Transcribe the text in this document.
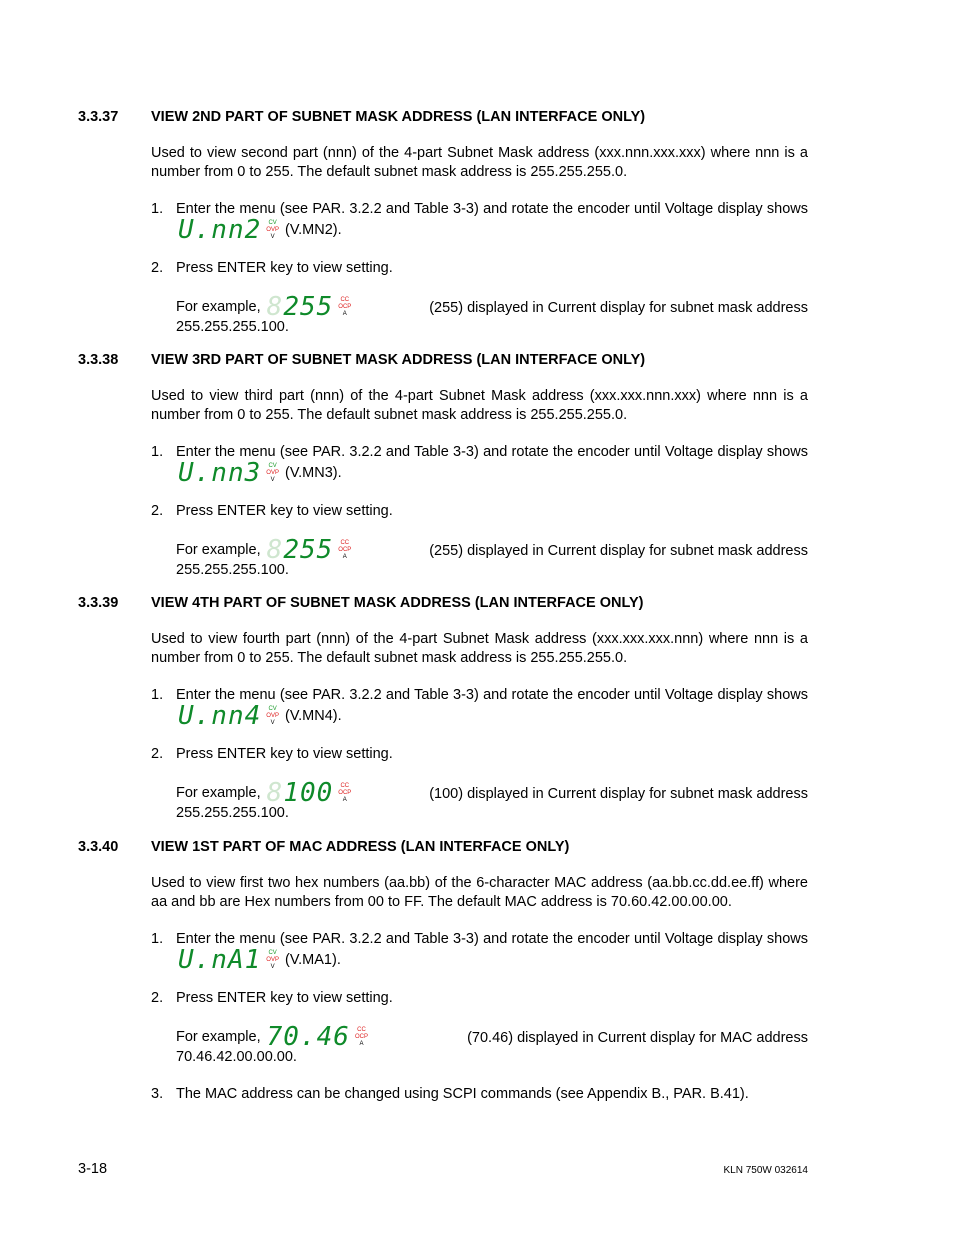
3.3.37	VIEW 2ND PART OF SUBNET MASK ADDRESS (LAN INTERFACE ONLY)
Used to view second part (nnn) of the 4-part Subnet Mask address (xxx.nnn.xxx.xxx) where nnn is a number from 0 to 255. The default subnet mask address is 255.255.255.0.
1. Enter the menu (see PAR. 3.2.2 and Table 3-3) and rotate the encoder until Voltage display shows
U.nn2 CV
OVP
V (V.MN2).
2. Press ENTER key to view setting.
For example, 8255 CC
OCP
A	(255) displayed in Current display for subnet mask address
255.255.255.100.
3.3.38	VIEW 3RD PART OF SUBNET MASK ADDRESS (LAN INTERFACE ONLY)
Used to view third part (nnn) of the 4-part Subnet Mask address (xxx.xxx.nnn.xxx) where nnn is a number from 0 to 255. The default subnet mask address is 255.255.255.0.
1. Enter the menu (see PAR. 3.2.2 and Table 3-3) and rotate the encoder until Voltage display shows
U.nn3 CV
OVP
V (V.MN3).
2. Press ENTER key to view setting.
For example, 8255 CC
OCP
A	(255) displayed in Current display for subnet mask address
255.255.255.100.
3.3.39	VIEW 4TH PART OF SUBNET MASK ADDRESS (LAN INTERFACE ONLY)
Used to view fourth part (nnn) of the 4-part Subnet Mask address (xxx.xxx.xxx.nnn) where nnn is a number from 0 to 255. The default subnet mask address is 255.255.255.0.
1. Enter the menu (see PAR. 3.2.2 and Table 3-3) and rotate the encoder until Voltage display shows
U.nn4 CV
OVP
V (V.MN4).
2. Press ENTER key to view setting.
For example, 8100 CC
OCP
A	(100) displayed in Current display for subnet mask address
255.255.255.100.
3.3.40	VIEW 1ST PART OF MAC ADDRESS (LAN INTERFACE ONLY)
Used to view first two hex numbers (aa.bb) of the 6-character MAC address (aa.bb.cc.dd.ee.ff) where aa and bb are Hex numbers from 00 to FF. The default MAC address is 70.60.42.00.00.00.
1. Enter the menu (see PAR. 3.2.2 and Table 3-3) and rotate the encoder until Voltage display shows
U.nA1 CV
OVP
V (V.MA1).
2. Press ENTER key to view setting.
For example, 70.46 CC
OCP
A	(70.46) displayed in Current display for MAC address
70.46.42.00.00.00.
3. The MAC address can be changed using SCPI commands (see Appendix B., PAR. B.41).
3-18	KLN 750W 032614
